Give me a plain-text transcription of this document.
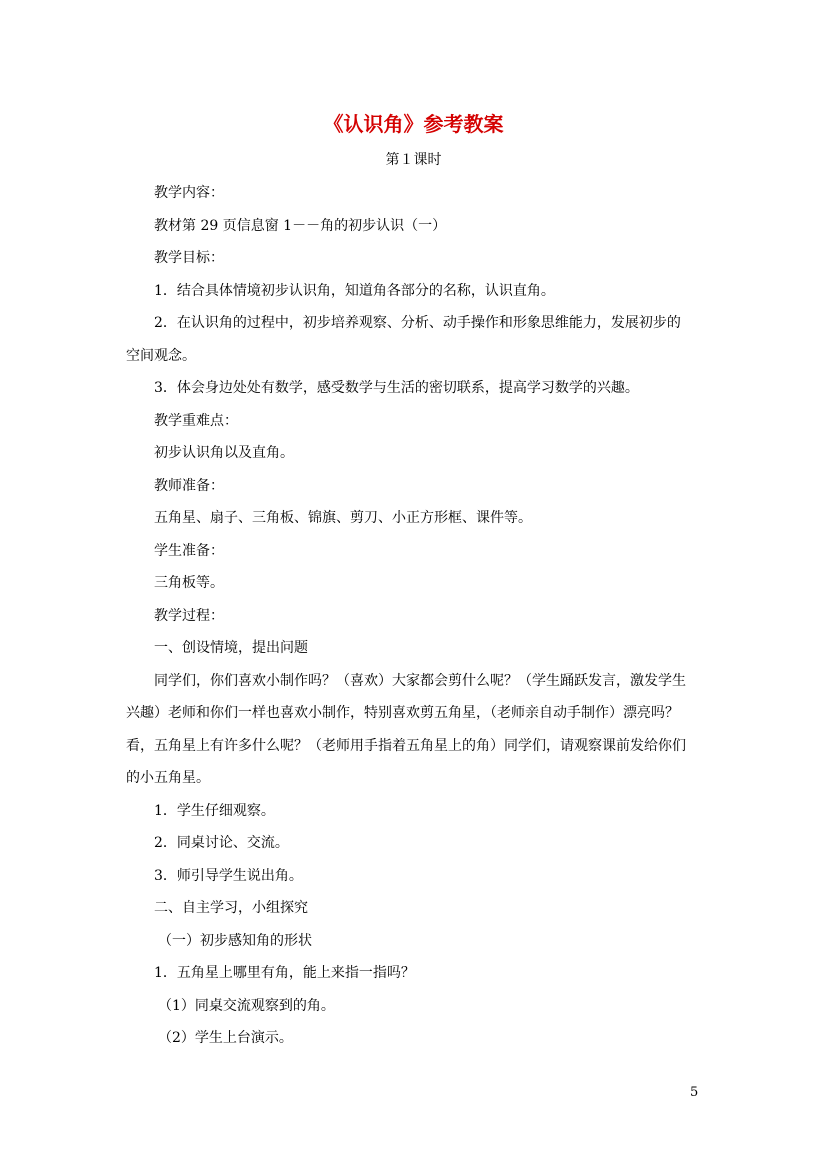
《认识角》参考教案
第１课时
教学内容：
教材第 29 页信息窗 1－－角的初步认识（一）
教学目标：
1．结合具体情境初步认识角，知道角各部分的名称，认识直角。
2．在认识角的过程中，初步培养观察、分析、动手操作和形象思维能力，发展初步的
空间观念。
3．体会身边处处有数学，感受数学与生活的密切联系，提高学习数学的兴趣。
教学重难点：
初步认识角以及直角。
教师准备：
五角星、扇子、三角板、锦旗、剪刀、小正方形框、课件等。
学生准备：
三角板等。
教学过程：
一、创设情境，提出问题
同学们，你们喜欢小制作吗？（喜欢）大家都会剪什么呢？（学生踊跃发言，激发学生
兴趣）老师和你们一样也喜欢小制作，特别喜欢剪五角星，（老师亲自动手制作）漂亮吗？
看，五角星上有许多什么呢？（老师用手指着五角星上的角）同学们，请观察课前发给你们
的小五角星。
1．学生仔细观察。
2．同桌讨论、交流。
3．师引导学生说出角。
二、自主学习，小组探究
（一）初步感知角的形状
1．五角星上哪里有角，能上来指一指吗？
（1）同桌交流观察到的角。
（2）学生上台演示。
5
